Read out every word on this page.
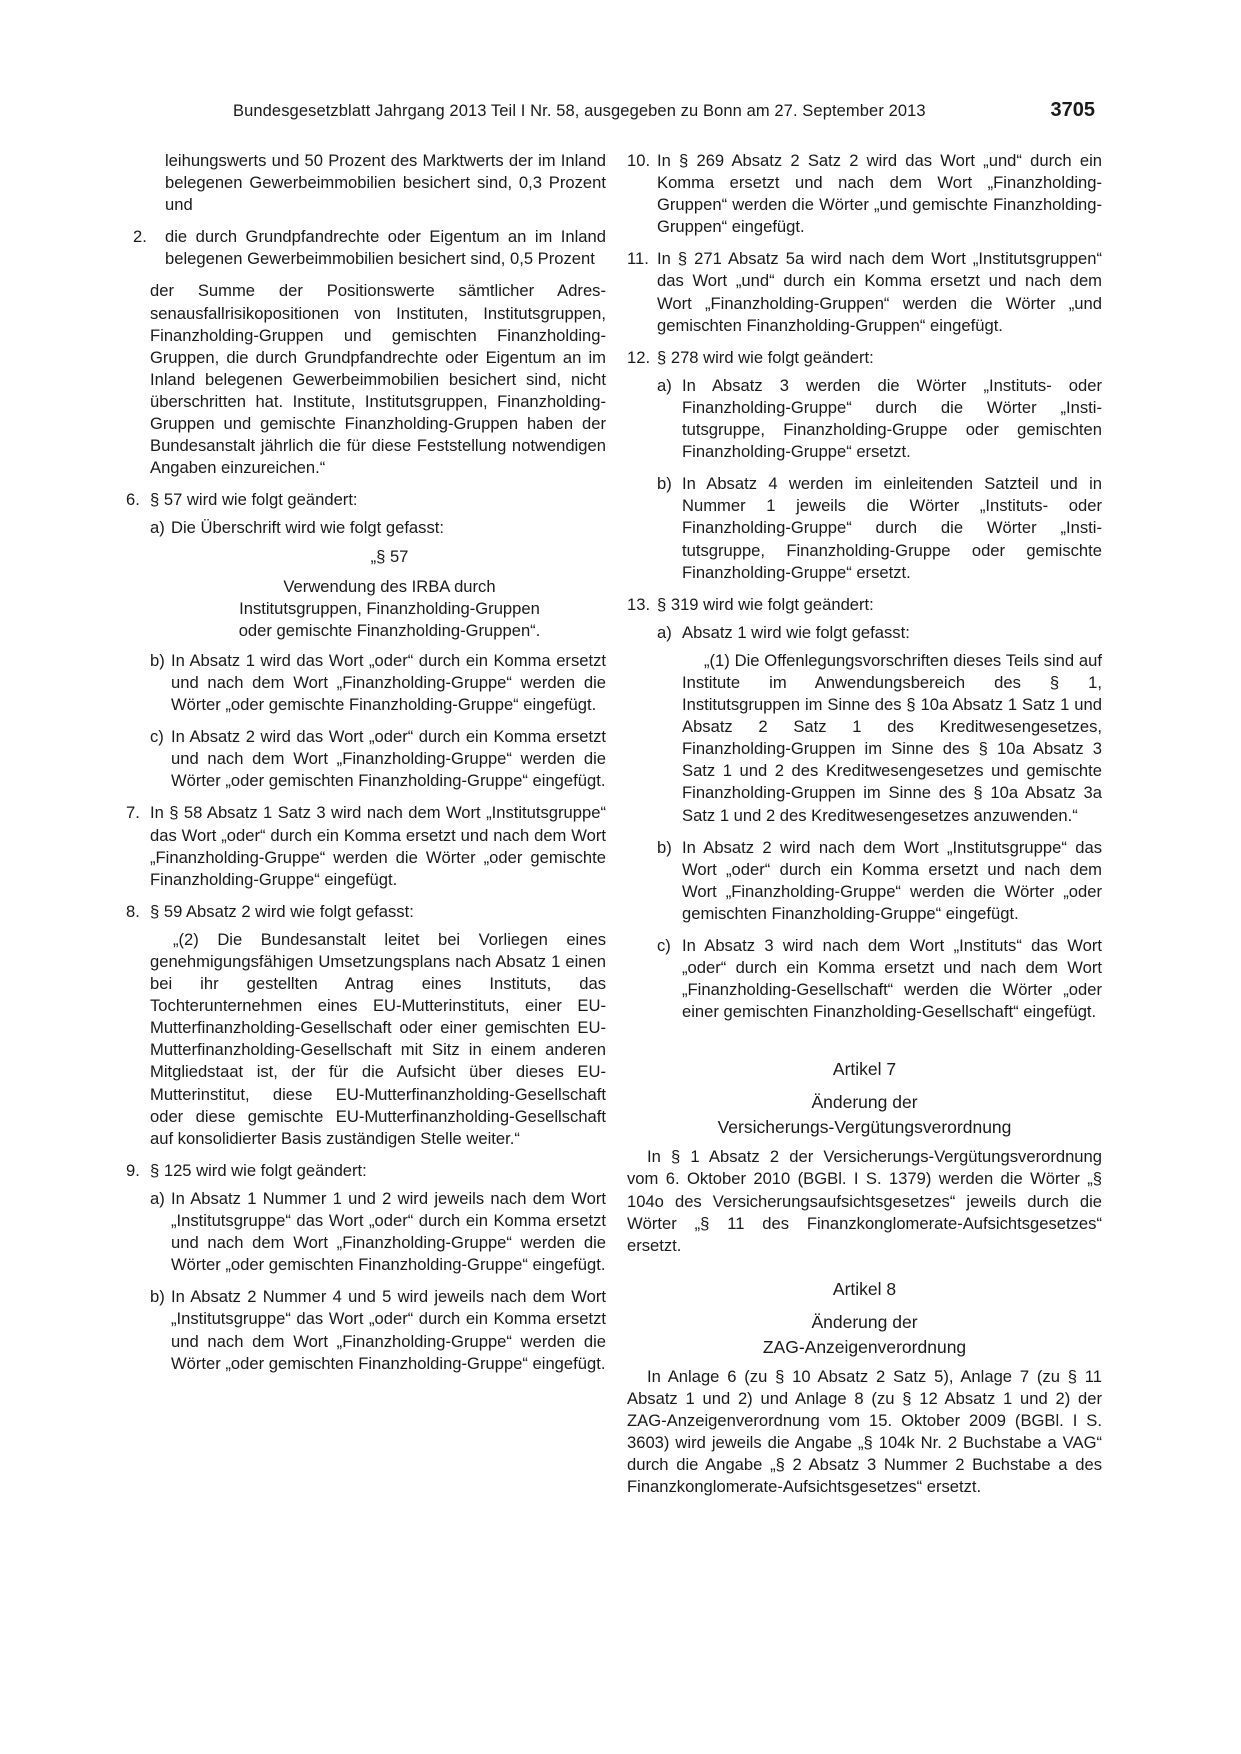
Bundesgesetzblatt Jahrgang 2013 Teil I Nr. 58, ausgegeben zu Bonn am 27. September 2013	3705
leihungswerts und 50 Prozent des Marktwerts der im Inland belegenen Gewerbeimmobilien besichert sind, 0,3 Prozent und
2. die durch Grundpfandrechte oder Eigentum an im Inland belegenen Gewerbeimmobilien besichert sind, 0,5 Prozent
der Summe der Positionswerte sämtlicher Adressenausfallrisikopositionen von Instituten, Institutsgruppen, Finanzholding-Gruppen und gemischten Finanzholding-Gruppen, die durch Grundpfandrechte oder Eigentum an im Inland belegenen Gewerbeimmobilien besichert sind, nicht überschritten hat. Institute, Institutsgruppen, Finanzholding-Gruppen und gemischte Finanzholding-Gruppen haben der Bundesanstalt jährlich die für diese Feststellung notwendigen Angaben einzureichen.“
6. § 57 wird wie folgt geändert:
a) Die Überschrift wird wie folgt gefasst:
„§ 57
Verwendung des IRBA durch
Institutsgruppen, Finanzholding-Gruppen
oder gemischte Finanzholding-Gruppen“.
b) In Absatz 1 wird das Wort „oder“ durch ein Komma ersetzt und nach dem Wort „Finanzholding-Gruppe“ werden die Wörter „oder gemischte Finanzholding-Gruppe“ eingefügt.
c) In Absatz 2 wird das Wort „oder“ durch ein Komma ersetzt und nach dem Wort „Finanzholding-Gruppe“ werden die Wörter „oder gemischten Finanzholding-Gruppe“ eingefügt.
7. In § 58 Absatz 1 Satz 3 wird nach dem Wort „Institutsgruppe“ das Wort „oder“ durch ein Komma ersetzt und nach dem Wort „Finanzholding-Gruppe“ werden die Wörter „oder gemischte Finanzholding-Gruppe“ eingefügt.
8. § 59 Absatz 2 wird wie folgt gefasst:
„(2) Die Bundesanstalt leitet bei Vorliegen eines genehmigungsfähigen Umsetzungsplans nach Absatz 1 einen bei ihr gestellten Antrag eines Instituts, das Tochterunternehmen eines EU-Mutterinstituts, einer EU-Mutterfinanzholding-Gesellschaft oder einer gemischten EU-Mutterfinanzholding-Gesellschaft mit Sitz in einem anderen Mitgliedstaat ist, der für die Aufsicht über dieses EU-Mutterinstitut, diese EU-Mutterfinanzholding-Gesellschaft oder diese gemischte EU-Mutterfinanzholding-Gesellschaft auf konsolidierter Basis zuständigen Stelle weiter.“
9. § 125 wird wie folgt geändert:
a) In Absatz 1 Nummer 1 und 2 wird jeweils nach dem Wort „Institutsgruppe“ das Wort „oder“ durch ein Komma ersetzt und nach dem Wort „Finanzholding-Gruppe“ werden die Wörter „oder gemischten Finanzholding-Gruppe“ eingefügt.
b) In Absatz 2 Nummer 4 und 5 wird jeweils nach dem Wort „Institutsgruppe“ das Wort „oder“ durch ein Komma ersetzt und nach dem Wort „Finanzholding-Gruppe“ werden die Wörter „oder gemischten Finanzholding-Gruppe“ eingefügt.
10. In § 269 Absatz 2 Satz 2 wird das Wort „und“ durch ein Komma ersetzt und nach dem Wort „Finanzholding-Gruppen“ werden die Wörter „und gemischte Finanzholding-Gruppen“ eingefügt.
11. In § 271 Absatz 5a wird nach dem Wort „Institutsgruppen“ das Wort „und“ durch ein Komma ersetzt und nach dem Wort „Finanzholding-Gruppen“ werden die Wörter „und gemischten Finanzholding-Gruppen“ eingefügt.
12. § 278 wird wie folgt geändert:
a) In Absatz 3 werden die Wörter „Instituts- oder Finanzholding-Gruppe“ durch die Wörter „Institutsgruppe, Finanzholding-Gruppe oder gemischten Finanzholding-Gruppe“ ersetzt.
b) In Absatz 4 werden im einleitenden Satzteil und in Nummer 1 jeweils die Wörter „Instituts- oder Finanzholding-Gruppe“ durch die Wörter „Institutsgruppe, Finanzholding-Gruppe oder gemischte Finanzholding-Gruppe“ ersetzt.
13. § 319 wird wie folgt geändert:
a) Absatz 1 wird wie folgt gefasst:
„(1) Die Offenlegungsvorschriften dieses Teils sind auf Institute im Anwendungsbereich des § 1, Institutsgruppen im Sinne des § 10a Absatz 1 Satz 1 und Absatz 2 Satz 1 des Kreditwesengesetzes, Finanzholding-Gruppen im Sinne des § 10a Absatz 3 Satz 1 und 2 des Kreditwesengesetzes und gemischte Finanzholding-Gruppen im Sinne des § 10a Absatz 3a Satz 1 und 2 des Kreditwesengesetzes anzuwenden.“
b) In Absatz 2 wird nach dem Wort „Institutsgruppe“ das Wort „oder“ durch ein Komma ersetzt und nach dem Wort „Finanzholding-Gruppe“ werden die Wörter „oder gemischten Finanzholding-Gruppe“ eingefügt.
c) In Absatz 3 wird nach dem Wort „Instituts“ das Wort „oder“ durch ein Komma ersetzt und nach dem Wort „Finanzholding-Gesellschaft“ werden die Wörter „oder einer gemischten Finanzholding-Gesellschaft“ eingefügt.
Artikel 7
Änderung der
Versicherungs-Vergütungsverordnung
In § 1 Absatz 2 der Versicherungs-Vergütungsverordnung vom 6. Oktober 2010 (BGBl. I S. 1379) werden die Wörter „§ 104o des Versicherungsaufsichtsgesetzes“ jeweils durch die Wörter „§ 11 des Finanzkonglomerate-Aufsichtsgesetzes“ ersetzt.
Artikel 8
Änderung der
ZAG-Anzeigenverordnung
In Anlage 6 (zu § 10 Absatz 2 Satz 5), Anlage 7 (zu § 11 Absatz 1 und 2) und Anlage 8 (zu § 12 Absatz 1 und 2) der ZAG-Anzeigenverordnung vom 15. Oktober 2009 (BGBl. I S. 3603) wird jeweils die Angabe „§ 104k Nr. 2 Buchstabe a VAG“ durch die Angabe „§ 2 Absatz 3 Nummer 2 Buchstabe a des Finanzkonglomerate-Aufsichtsgesetzes“ ersetzt.
